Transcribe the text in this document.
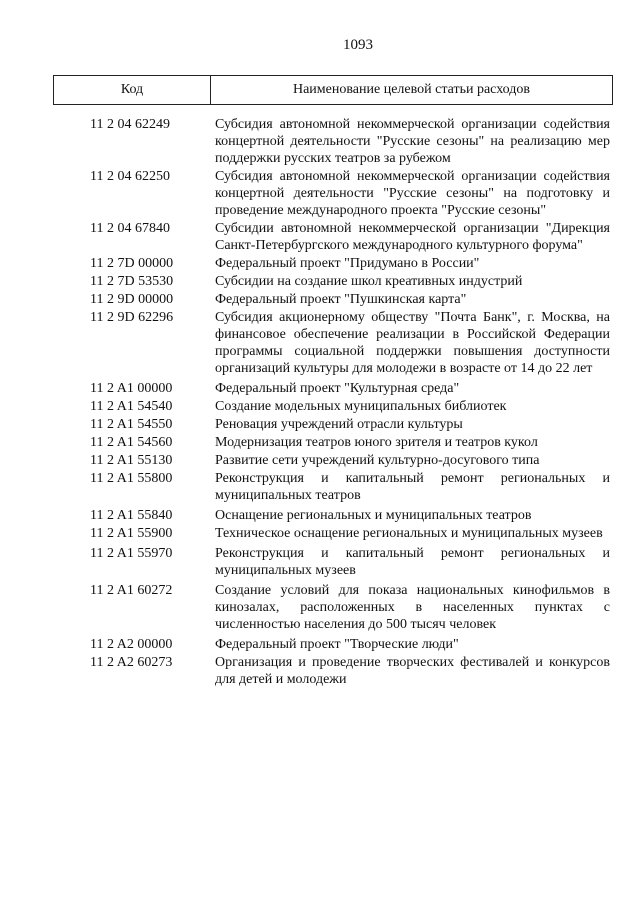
1093
Код	Наименование целевой статьи расходов
11 2 04 62249	Субсидия автономной некоммерческой организации содействия концертной деятельности "Русские сезоны" на реализацию мер поддержки русских театров за рубежом
11 2 04 62250	Субсидия автономной некоммерческой организации содействия концертной деятельности "Русские сезоны" на подготовку и проведение международного проекта "Русские сезоны"
11 2 04 67840	Субсидии автономной некоммерческой организации "Дирекция Санкт-Петербургского международного культурного форума"
11 2 7D 00000	Федеральный проект "Придумано в России"
11 2 7D 53530	Субсидии на создание школ креативных индустрий
11 2 9D 00000	Федеральный проект "Пушкинская карта"
11 2 9D 62296	Субсидия акционерному обществу "Почта Банк", г. Москва, на финансовое обеспечение реализации в Российской Федерации программы социальной поддержки повышения доступности организаций культуры для молодежи в возрасте от 14 до 22 лет
11 2 A1 00000	Федеральный проект "Культурная среда"
11 2 A1 54540	Создание модельных муниципальных библиотек
11 2 A1 54550	Реновация учреждений отрасли культуры
11 2 A1 54560	Модернизация театров юного зрителя и театров кукол
11 2 A1 55130	Развитие сети учреждений культурно-досугового типа
11 2 A1 55800	Реконструкция и капитальный ремонт региональных и муниципальных театров
11 2 A1 55840	Оснащение региональных и муниципальных театров
11 2 A1 55900	Техническое оснащение региональных и муниципальных музеев
11 2 A1 55970	Реконструкция и капитальный ремонт региональных и муниципальных музеев
11 2 A1 60272	Создание условий для показа национальных кинофильмов в кинозалах, расположенных в населенных пунктах с численностью населения до 500 тысяч человек
11 2 A2 00000	Федеральный проект "Творческие люди"
11 2 A2 60273	Организация и проведение творческих фестивалей и конкурсов для детей и молодежи
